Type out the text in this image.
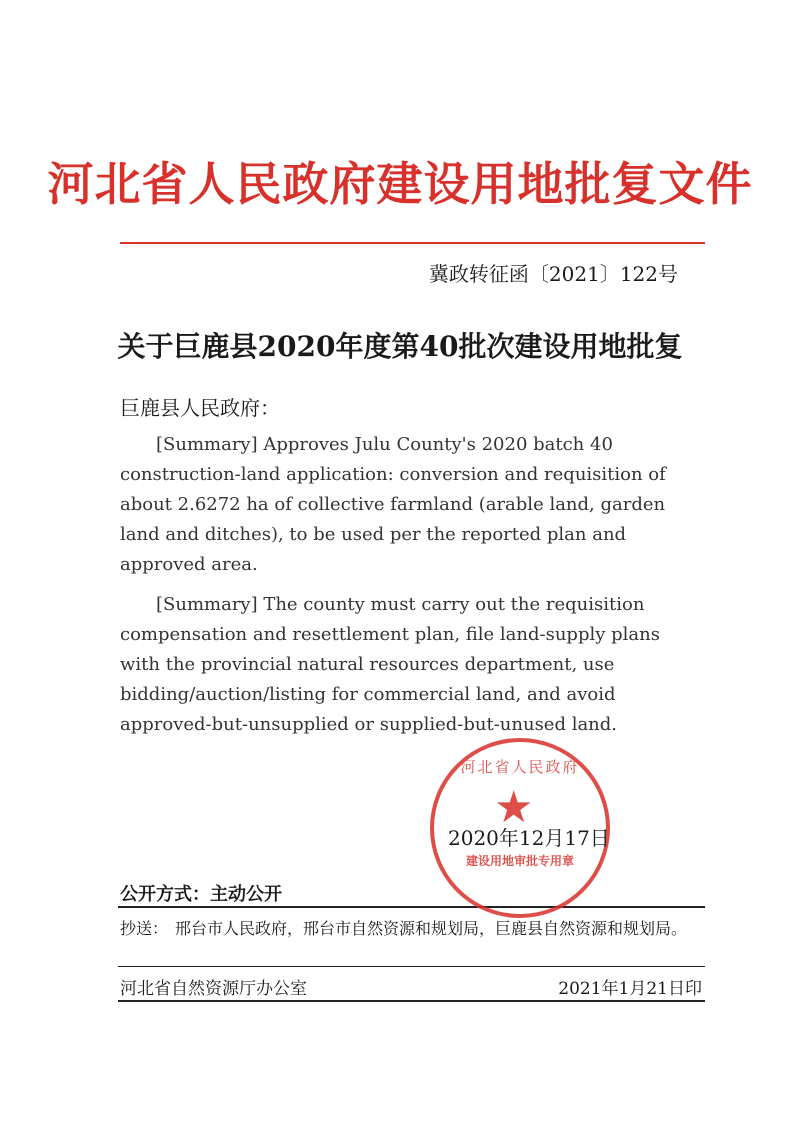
河北省人民政府建设用地批复文件
冀政转征函〔2021〕122号
关于巨鹿县2020年度第40批次建设用地批复
巨鹿县人民政府：

[Summary] Approves Julu County's 2020 batch 40 construction-land application: conversion and requisition of about 2.6272 ha of collective farmland (arable land, garden land and ditches), to be used per the reported plan and approved area.

[Summary] The county must carry out the requisition compensation and resettlement plan, file land-supply plans with the provincial natural resources department, use bidding/auction/listing for commercial land, and avoid approved-but-unsupplied or supplied-but-unused land.

河北省人民政府
★
建设用地审批专用章
2020年12月17日
公开方式：主动公开
抄送： 邢台市人民政府，邢台市自然资源和规划局，巨鹿县自然资源和规划局。
河北省自然资源厅办公室	2021年1月21日印
